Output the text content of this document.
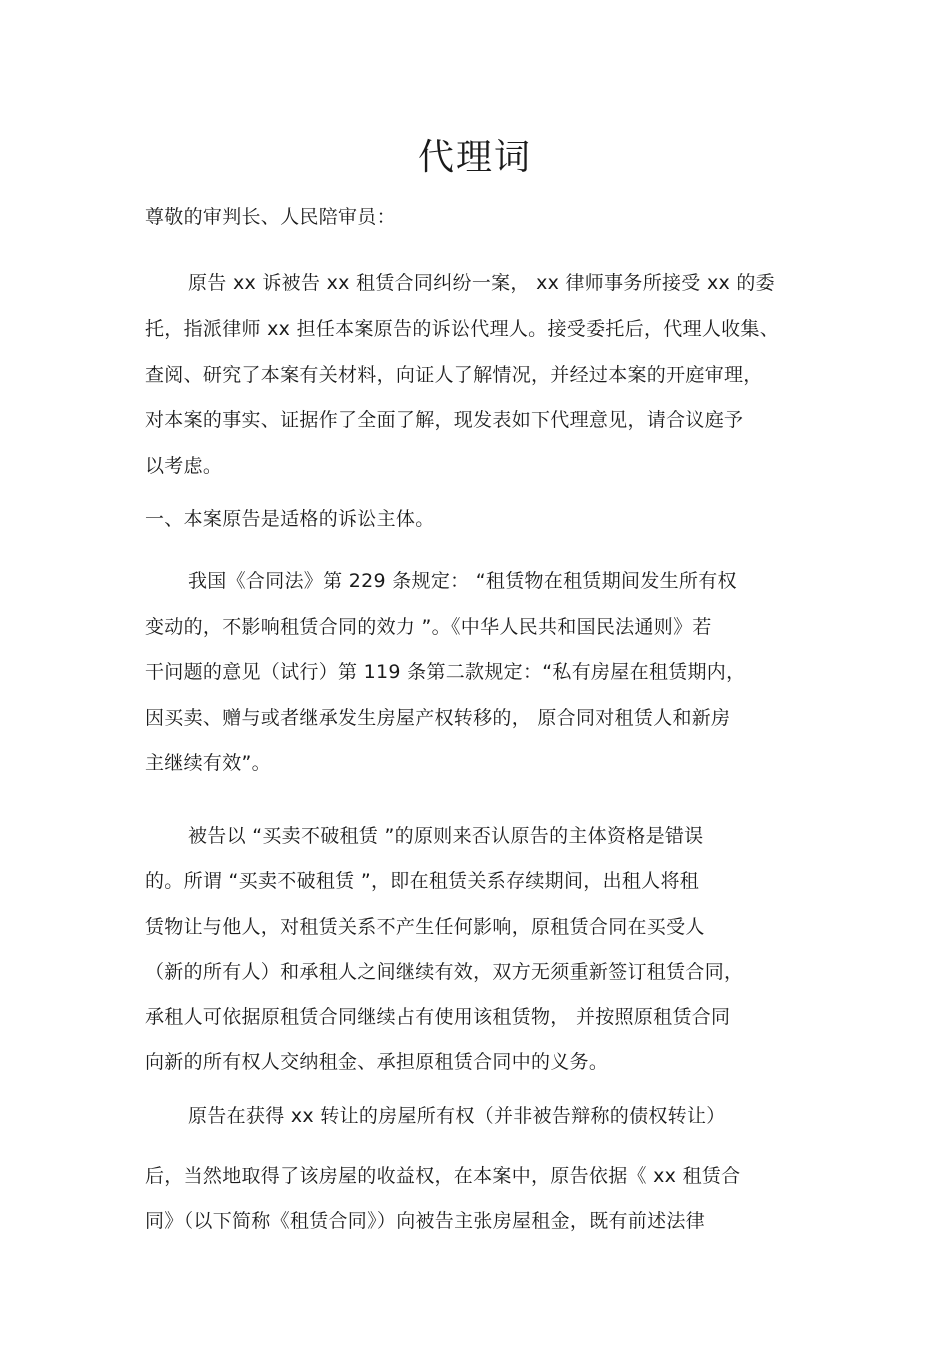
代理词
尊敬的审判长、人民陪审员：
原告 xx 诉被告 xx 租赁合同纠纷一案， xx 律师事务所接受 xx 的委
托，指派律师 xx 担任本案原告的诉讼代理人。接受委托后，代理人收集、
查阅、研究了本案有关材料，向证人了解情况，并经过本案的开庭审理，
对本案的事实、证据作了全面了解，现发表如下代理意见，请合议庭予
以考虑。
一、本案原告是适格的诉讼主体。
我国《合同法》第 229 条规定： “租赁物在租赁期间发生所有权
变动的，不影响租赁合同的效力 ”。《中华人民共和国民法通则》若
干问题的意见（试行）第 119 条第二款规定：“私有房屋在租赁期内，
因买卖、赠与或者继承发生房屋产权转移的， 原合同对租赁人和新房
主继续有效”。
被告以 “买卖不破租赁 ”的原则来否认原告的主体资格是错误
的。所谓 “买卖不破租赁 ”，即在租赁关系存续期间，出租人将租
赁物让与他人，对租赁关系不产生任何影响，原租赁合同在买受人
（新的所有人）和承租人之间继续有效，双方无须重新签订租赁合同，
承租人可依据原租赁合同继续占有使用该租赁物， 并按照原租赁合同
向新的所有权人交纳租金、承担原租赁合同中的义务。
原告在获得 xx 转让的房屋所有权（并非被告辩称的债权转让）
后，当然地取得了该房屋的收益权，在本案中，原告依据《 xx 租赁合
同》（以下简称《租赁合同》）向被告主张房屋租金，既有前述法律
